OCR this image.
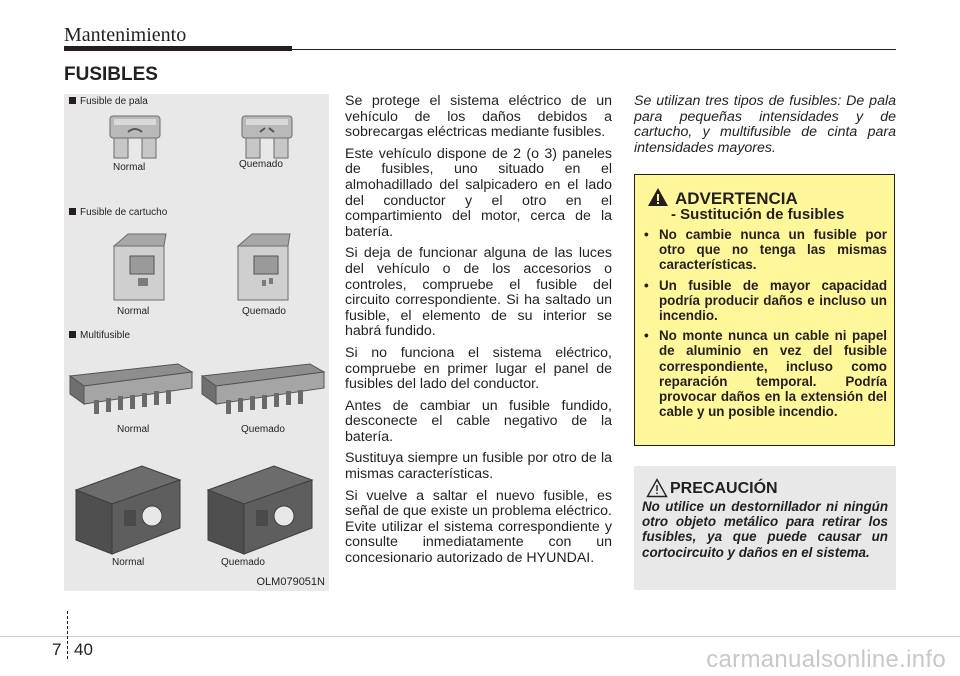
Mantenimiento
FUSIBLES
Fusible de pala
Normal	Quemado
Fusible de cartucho
Normal	Quemado
Multifusible
Normal	Quemado
Normal	Quemado
OLM079051N

Se protege el sistema eléctrico de un vehículo de los daños debidos a sobrecargas eléctricas mediante fusibles.

Este vehículo dispone de 2 (o 3) paneles de fusibles, uno situado en el almohadillado del salpicadero en el lado del conductor y el otro en el compartimiento del motor, cerca de la batería.

Si deja de funcionar alguna de las luces del vehículo o de los accesorios o controles, compruebe el fusible del circuito correspondiente. Si ha saltado un fusible, el elemento de su interior se habrá fundido.

Si no funciona el sistema eléctrico, compruebe en primer lugar el panel de fusibles del lado del conductor.

Antes de cambiar un fusible fundido, desconecte el cable negativo de la batería.

Sustituya siempre un fusible por otro de la mismas características.

Si vuelve a saltar el nuevo fusible, es señal de que existe un problema eléctrico. Evite utilizar el sistema correspondiente y consulte inmediatamente con un concesionario autorizado de HYUNDAI.

Se utilizan tres tipos de fusibles: De pala para pequeñas intensidades y de cartucho, y multifusible de cinta para intensidades mayores.
ADVERTENCIA
- Sustitución de fusibles
• No cambie nunca un fusible por otro que no tenga las mismas características.
• Un fusible de mayor capacidad podría producir daños e incluso un incendio.
• No monte nunca un cable ni papel de aluminio en vez del fusible correspondiente, incluso como reparación temporal. Podría provocar daños en la extensión del cable y un posible incendio.
PRECAUCIÓN
No utilice un destornillador ni ningún otro objeto metálico para retirar los fusibles, ya que puede causar un cortocircuito y daños en el sistema.
7 40	carmanualsonline.info
